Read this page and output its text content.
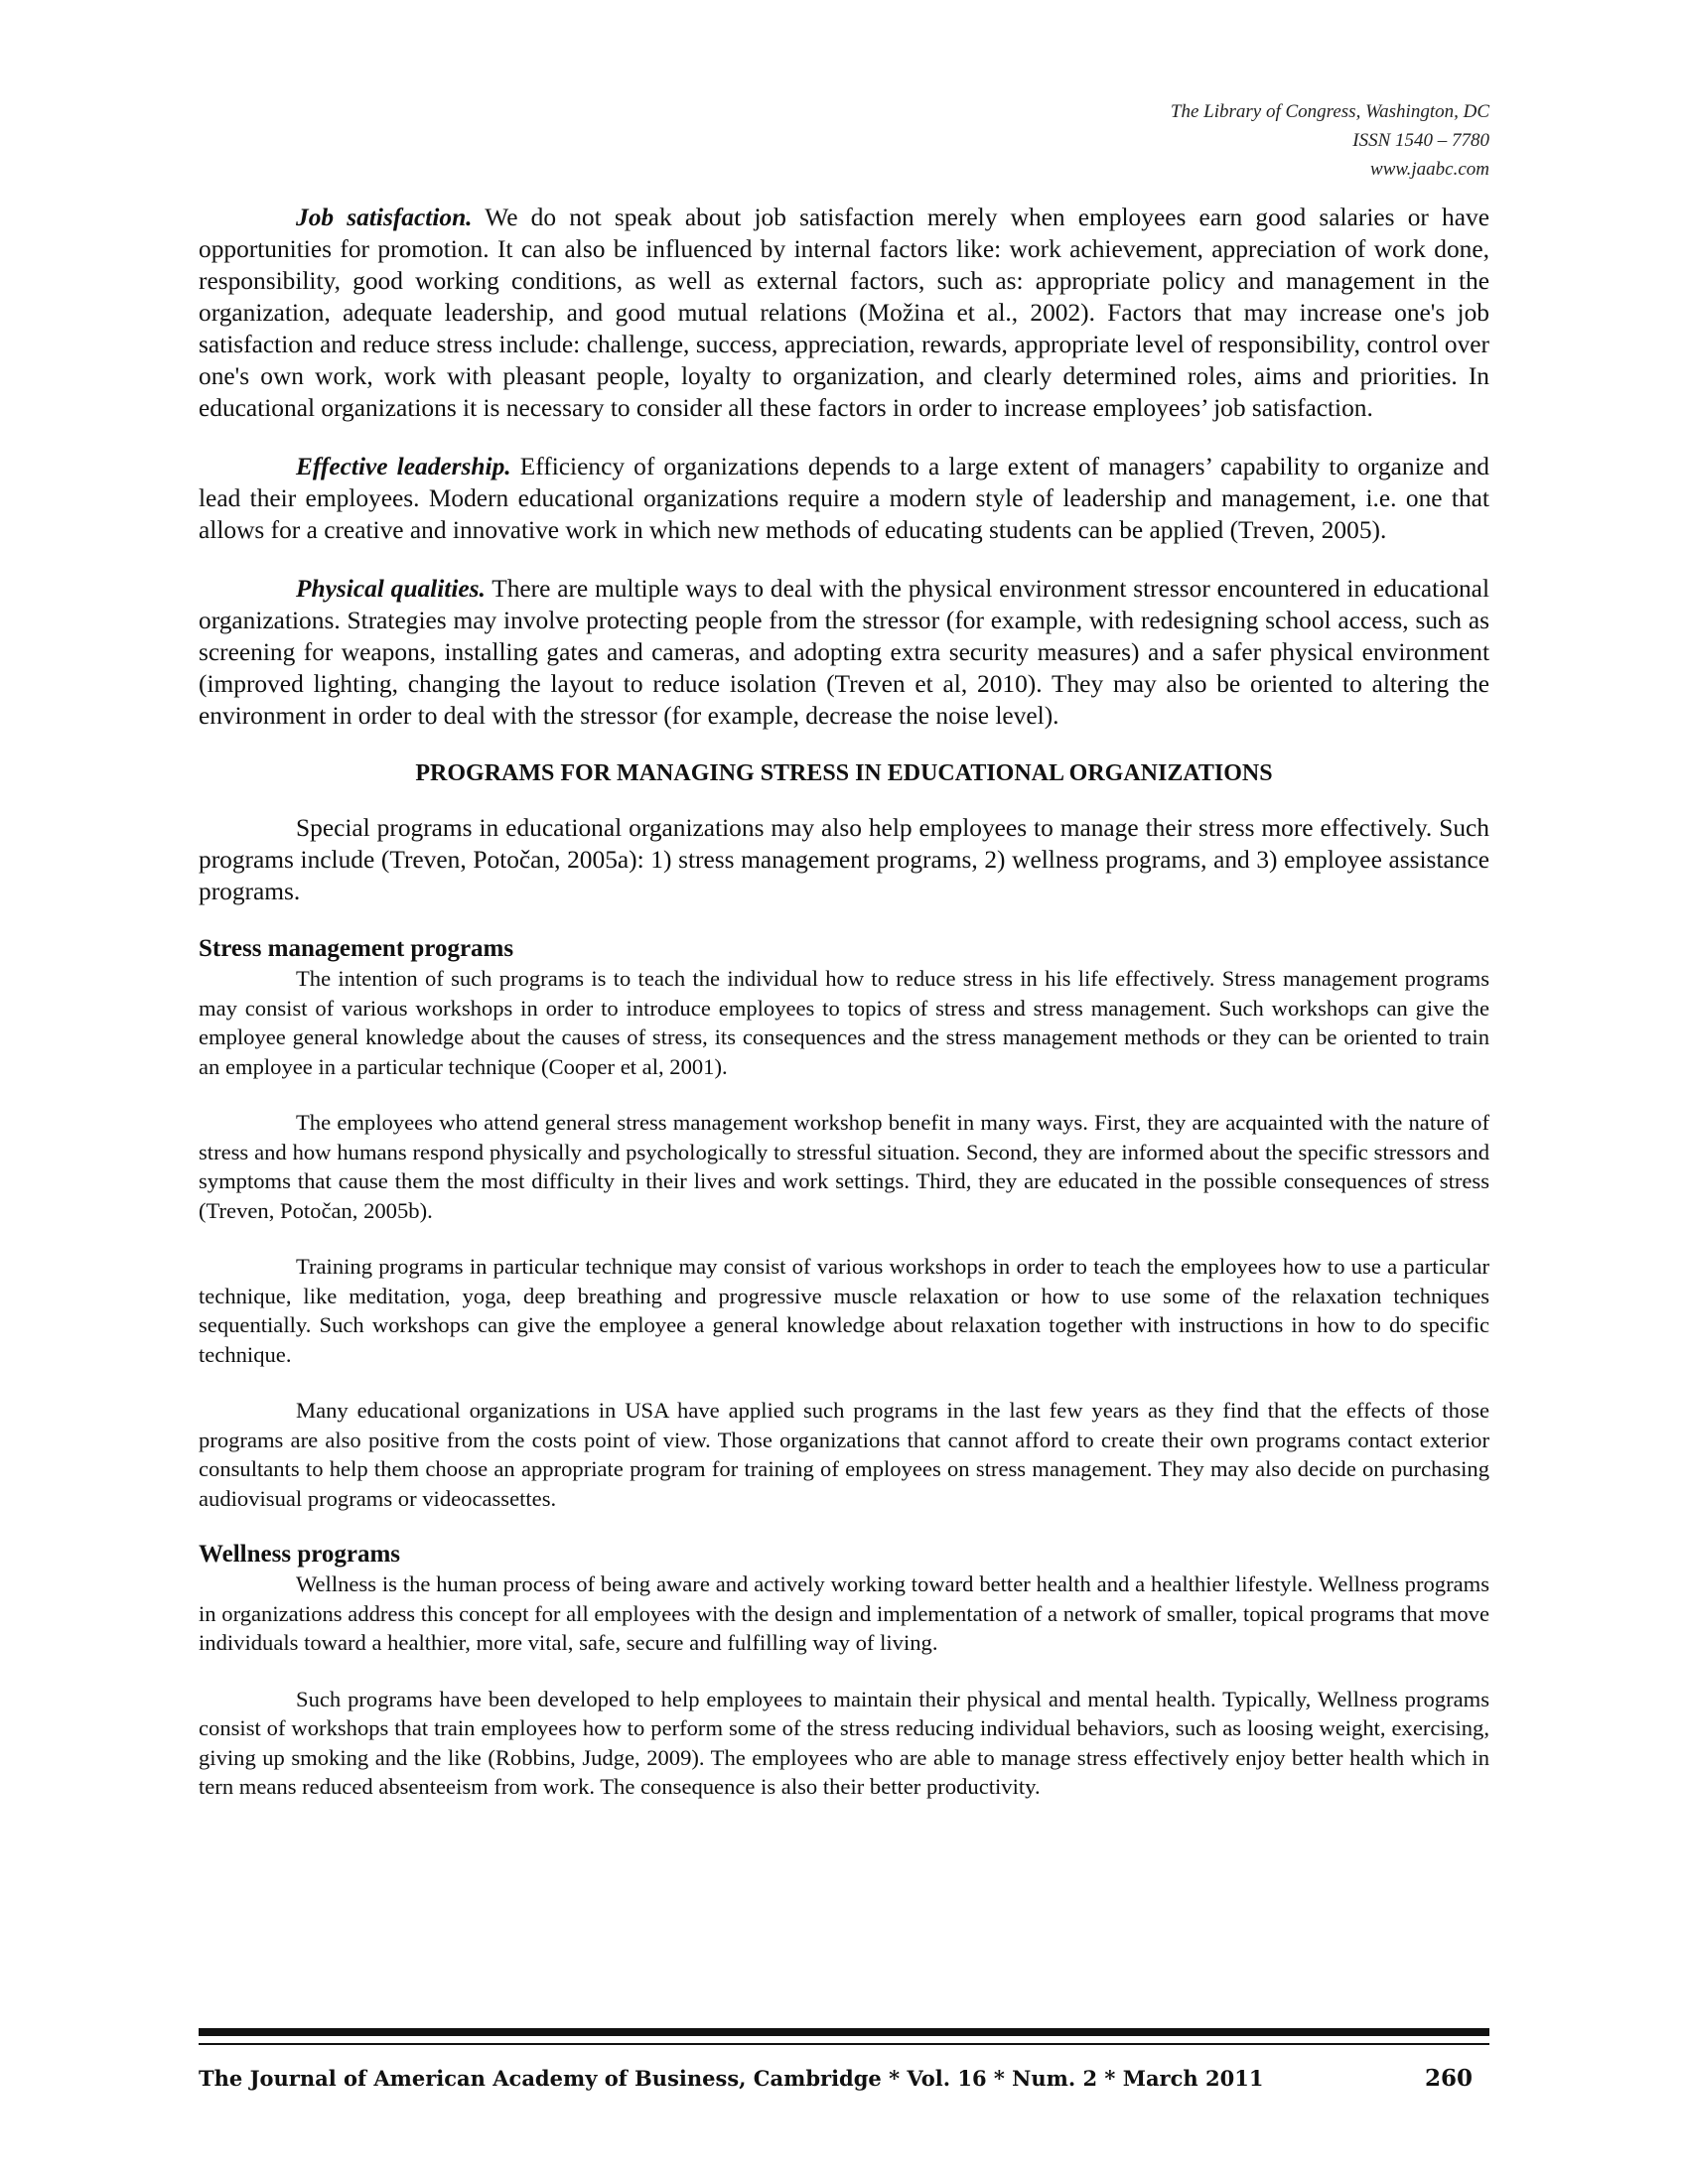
The Library of Congress, Washington, DC
ISSN 1540 – 7780
www.jaabc.com

Job satisfaction. We do not speak about job satisfaction merely when employees earn good salaries or have opportunities for promotion. It can also be influenced by internal factors like: work achievement, appreciation of work done, responsibility, good working conditions, as well as external factors, such as: appropriate policy and management in the organization, adequate leadership, and good mutual relations (Možina et al., 2002). Factors that may increase one's job satisfaction and reduce stress include: challenge, success, appreciation, rewards, appropriate level of responsibility, control over one's own work, work with pleasant people, loyalty to organization, and clearly determined roles, aims and priorities. In educational organizations it is necessary to consider all these factors in order to increase employees’ job satisfaction.

Effective leadership. Efficiency of organizations depends to a large extent of managers’ capability to organize and lead their employees. Modern educational organizations require a modern style of leadership and management, i.e. one that allows for a creative and innovative work in which new methods of educating students can be applied (Treven, 2005).

Physical qualities. There are multiple ways to deal with the physical environment stressor encountered in educational organizations. Strategies may involve protecting people from the stressor (for example, with redesigning school access, such as screening for weapons, installing gates and cameras, and adopting extra security measures) and a safer physical environment (improved lighting, changing the layout to reduce isolation (Treven et al, 2010). They may also be oriented to altering the environment in order to deal with the stressor (for example, decrease the noise level).

PROGRAMS FOR MANAGING STRESS IN EDUCATIONAL ORGANIZATIONS

Special programs in educational organizations may also help employees to manage their stress more effectively. Such programs include (Treven, Potočan, 2005a): 1) stress management programs, 2) wellness programs, and 3) employee assistance programs.

Stress management programs

The intention of such programs is to teach the individual how to reduce stress in his life effectively. Stress management programs may consist of various workshops in order to introduce employees to topics of stress and stress management. Such workshops can give the employee general knowledge about the causes of stress, its consequences and the stress management methods or they can be oriented to train an employee in a particular technique (Cooper et al, 2001).

The employees who attend general stress management workshop benefit in many ways. First, they are acquainted with the nature of stress and how humans respond physically and psychologically to stressful situation. Second, they are informed about the specific stressors and symptoms that cause them the most difficulty in their lives and work settings. Third, they are educated in the possible consequences of stress (Treven, Potočan, 2005b).

Training programs in particular technique may consist of various workshops in order to teach the employees how to use a particular technique, like meditation, yoga, deep breathing and progressive muscle relaxation or how to use some of the relaxation techniques sequentially. Such workshops can give the employee a general knowledge about relaxation together with instructions in how to do specific technique.

Many educational organizations in USA have applied such programs in the last few years as they find that the effects of those programs are also positive from the costs point of view. Those organizations that cannot afford to create their own programs contact exterior consultants to help them choose an appropriate program for training of employees on stress management. They may also decide on purchasing audiovisual programs or videocassettes.

Wellness programs

Wellness is the human process of being aware and actively working toward better health and a healthier lifestyle. Wellness programs in organizations address this concept for all employees with the design and implementation of a network of smaller, topical programs that move individuals toward a healthier, more vital, safe, secure and fulfilling way of living.

Such programs have been developed to help employees to maintain their physical and mental health. Typically, Wellness programs consist of workshops that train employees how to perform some of the stress reducing individual behaviors, such as loosing weight, exercising, giving up smoking and the like (Robbins, Judge, 2009). The employees who are able to manage stress effectively enjoy better health which in tern means reduced absenteeism from work. The consequence is also their better productivity.

The Journal of American Academy of Business, Cambridge * Vol. 16 * Num. 2 * March 2011	260
